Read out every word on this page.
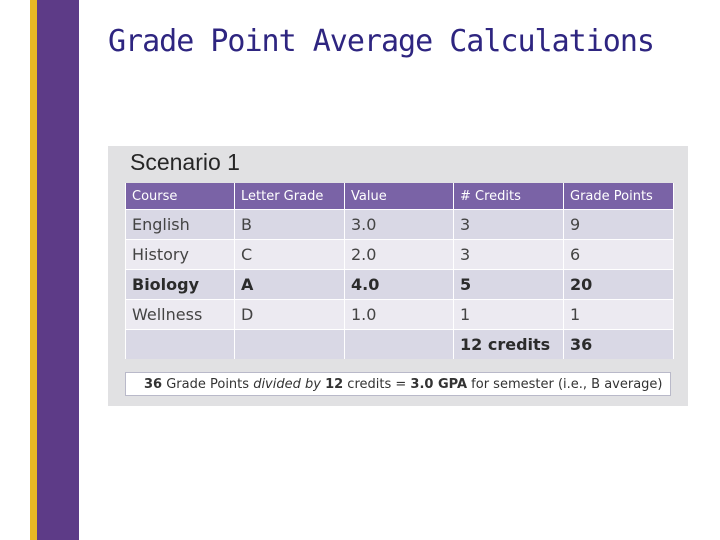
Grade Point Average Calculations
Scenario 1
Course	Letter Grade	Value	# Credits	Grade Points
English	B	3.0	3	9
History	C	2.0	3	6
Biology	A	4.0	5	20
Wellness	D	1.0	1	1
			12 credits	36
36 Grade Points divided by 12 credits = 3.0 GPA for semester (i.e., B average)
